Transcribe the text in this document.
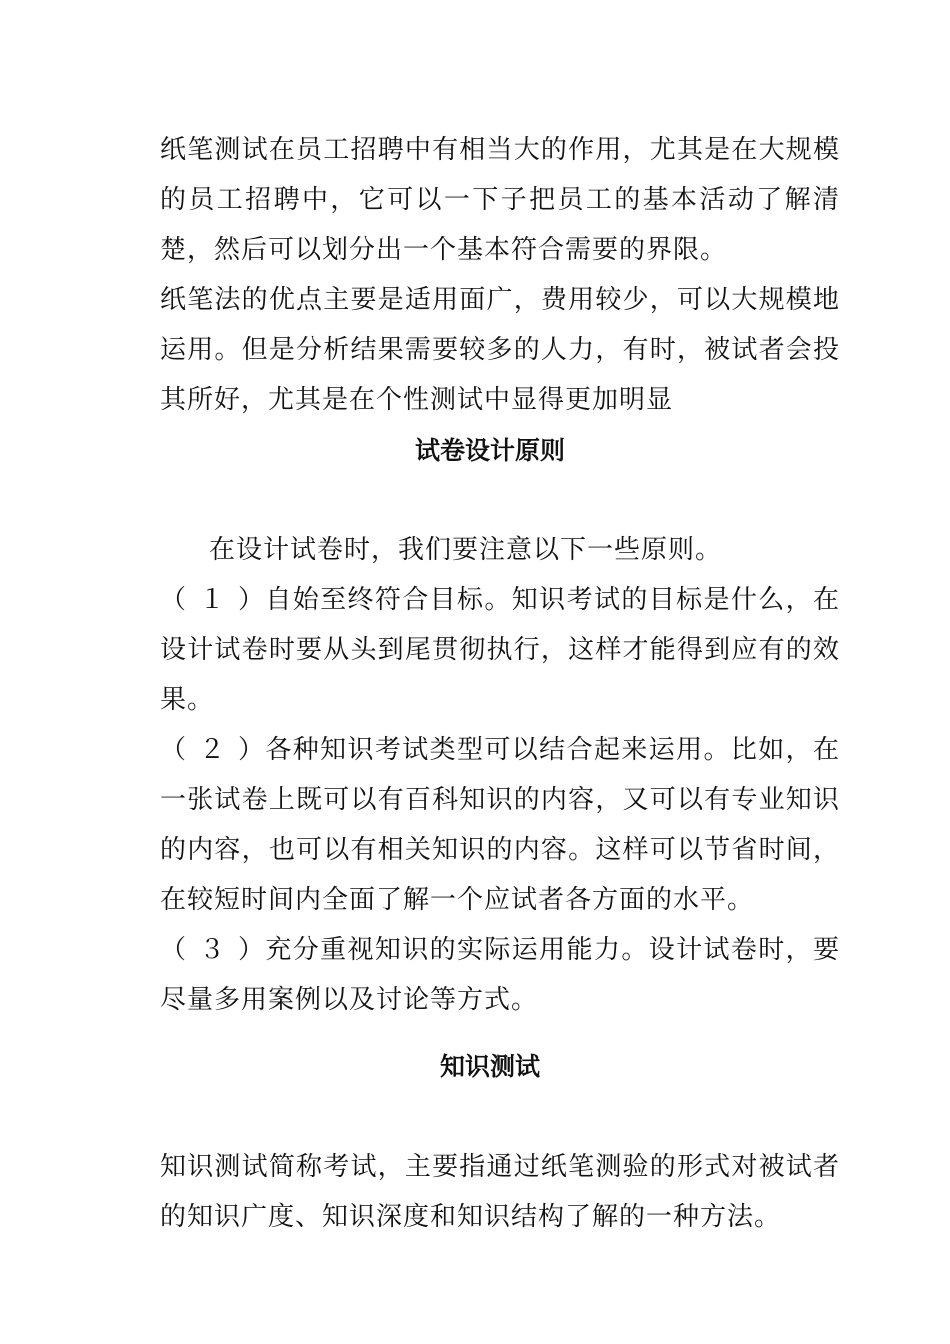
纸笔测试在员工招聘中有相当大的作用，尤其是在大规模
的员工招聘中，它可以一下子把员工的基本活动了解清
楚，然后可以划分出一个基本符合需要的界限。
纸笔法的优点主要是适用面广，费用较少，可以大规模地
运用。但是分析结果需要较多的人力，有时，被试者会投
其所好，尤其是在个性测试中显得更加明显
试卷设计原则
在设计试卷时，我们要注意以下一些原则。
（１）自始至终符合目标。知识考试的目标是什么，在
设计试卷时要从头到尾贯彻执行，这样才能得到应有的效
果。
（２）各种知识考试类型可以结合起来运用。比如，在
一张试卷上既可以有百科知识的内容，又可以有专业知识
的内容，也可以有相关知识的内容。这样可以节省时间，
在较短时间内全面了解一个应试者各方面的水平。
（３）充分重视知识的实际运用能力。设计试卷时，要
尽量多用案例以及讨论等方式。
知识测试
知识测试简称考试，主要指通过纸笔测验的形式对被试者
的知识广度、知识深度和知识结构了解的一种方法。
